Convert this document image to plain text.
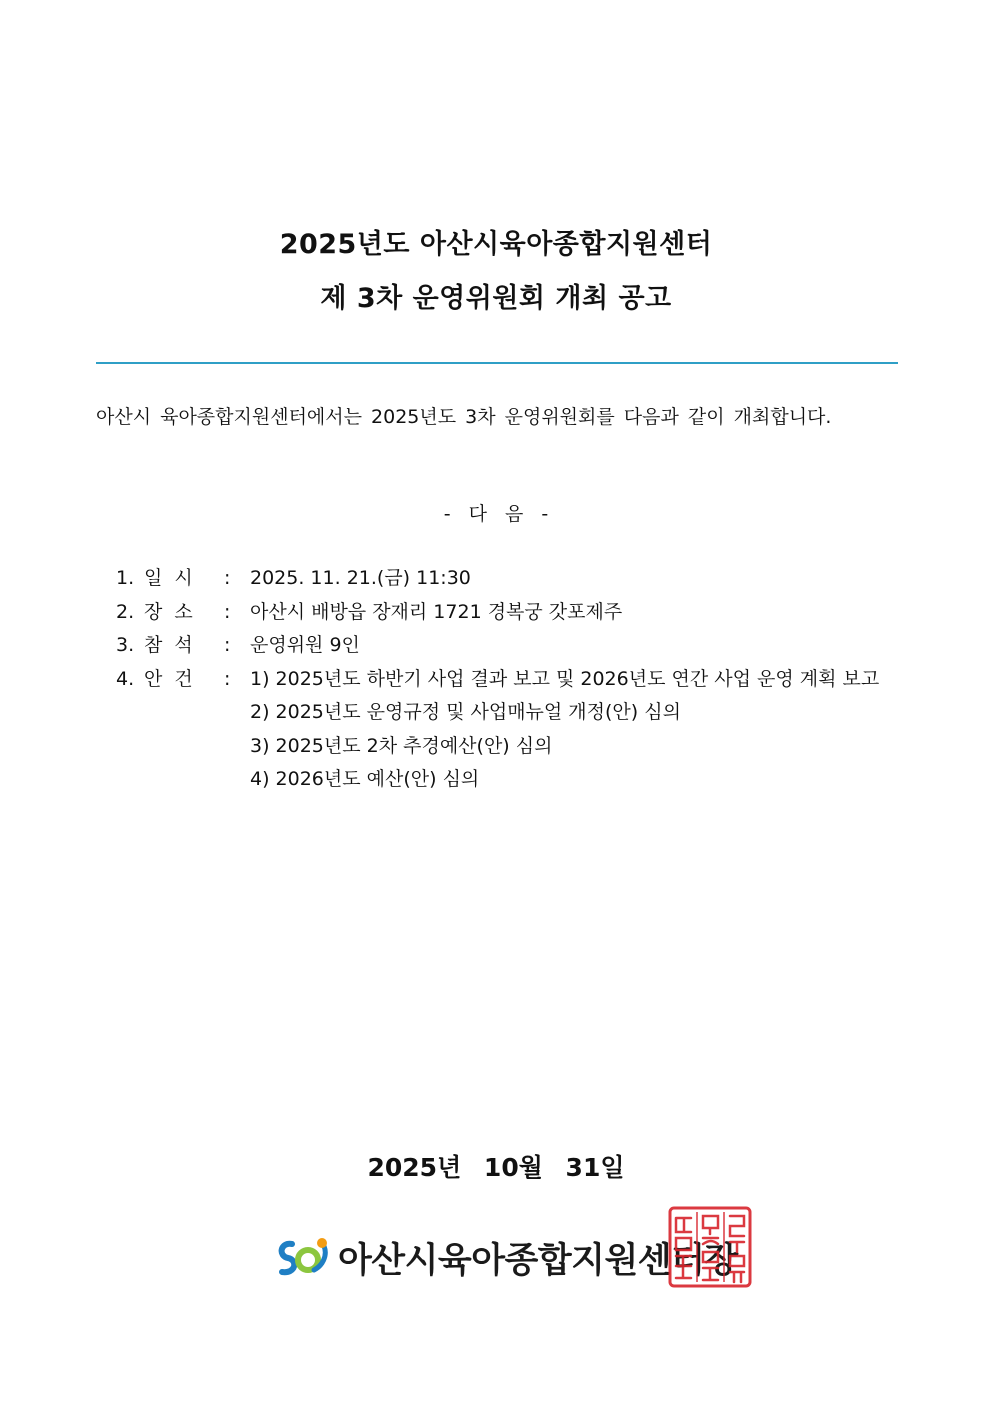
2025년도 아산시육아종합지원센터
제 3차 운영위원회 개최 공고
아산시 육아종합지원센터에서는 2025년도 3차 운영위원회를 다음과 같이 개최합니다.
- 다 음 -
1. 일  시	:	2025. 11. 21.(금) 11:30
2. 장  소	:	아산시 배방읍 장재리 1721 경복궁 갓포제주
3. 참  석	:	운영위원 9인
4. 안  건	:	1) 2025년도 하반기 사업 결과 보고 및 2026년도 연간 사업 운영 계획 보고
2) 2025년도 운영규정 및 사업매뉴얼 개정(안) 심의
3) 2025년도 2차 추경예산(안) 심의
4) 2026년도 예산(안) 심의
2025년 10월 31일
아산시육아종합지원센터장
